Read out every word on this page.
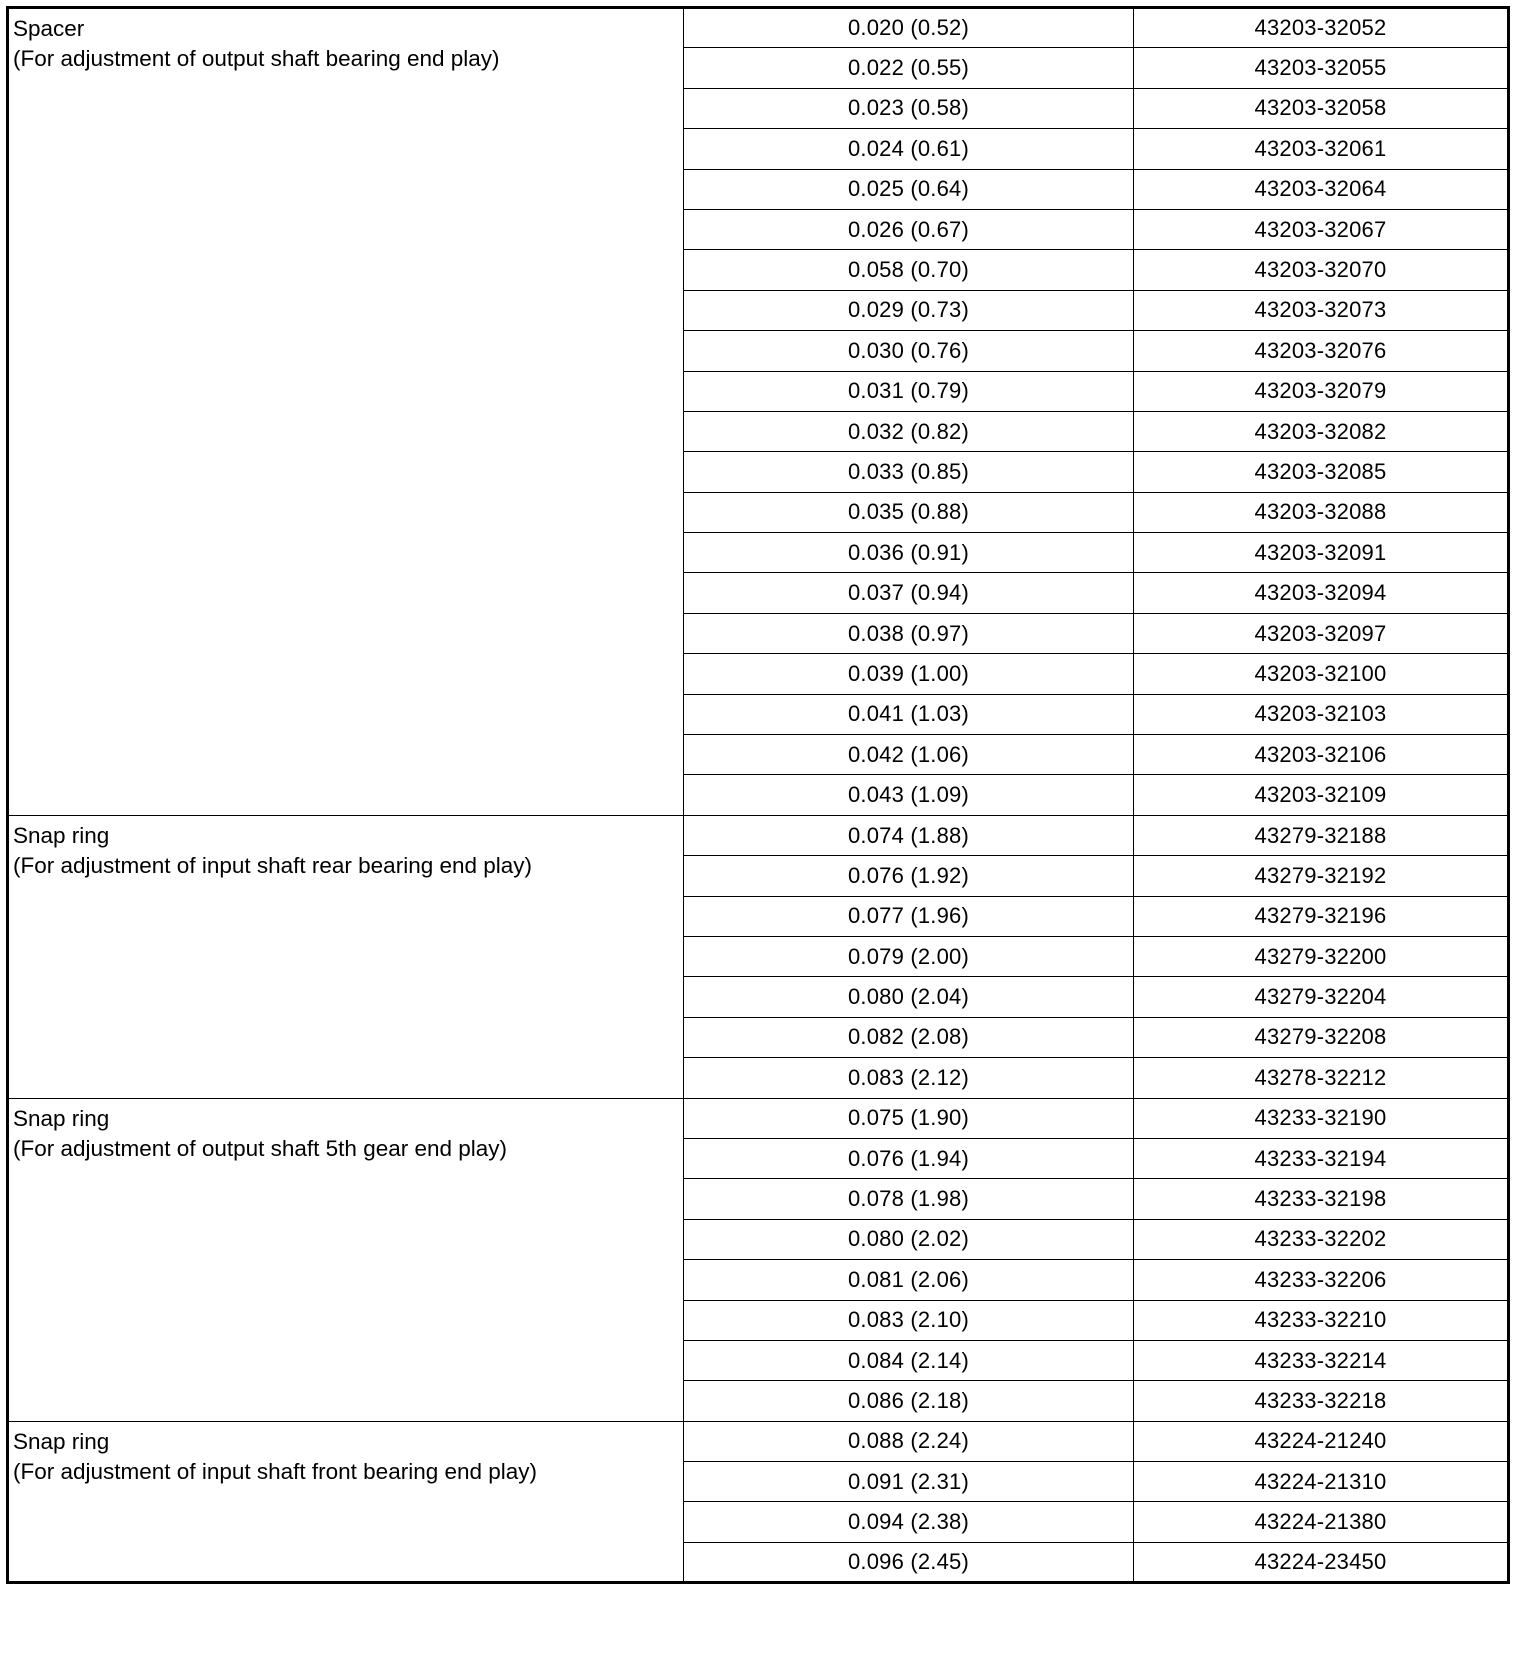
Spacer
(For adjustment of output shaft bearing end play)	0.020 (0.52)	43203-32052
	0.022 (0.55)	43203-32055
	0.023 (0.58)	43203-32058
	0.024 (0.61)	43203-32061
	0.025 (0.64)	43203-32064
	0.026 (0.67)	43203-32067
	0.058 (0.70)	43203-32070
	0.029 (0.73)	43203-32073
	0.030 (0.76)	43203-32076
	0.031 (0.79)	43203-32079
	0.032 (0.82)	43203-32082
	0.033 (0.85)	43203-32085
	0.035 (0.88)	43203-32088
	0.036 (0.91)	43203-32091
	0.037 (0.94)	43203-32094
	0.038 (0.97)	43203-32097
	0.039 (1.00)	43203-32100
	0.041 (1.03)	43203-32103
	0.042 (1.06)	43203-32106
	0.043 (1.09)	43203-32109

Snap ring
(For adjustment of input shaft rear bearing end play)	0.074 (1.88)	43279-32188
	0.076 (1.92)	43279-32192
	0.077 (1.96)	43279-32196
	0.079 (2.00)	43279-32200
	0.080 (2.04)	43279-32204
	0.082 (2.08)	43279-32208
	0.083 (2.12)	43278-32212

Snap ring
(For adjustment of output shaft 5th gear end play)	0.075 (1.90)	43233-32190
	0.076 (1.94)	43233-32194
	0.078 (1.98)	43233-32198
	0.080 (2.02)	43233-32202
	0.081 (2.06)	43233-32206
	0.083 (2.10)	43233-32210
	0.084 (2.14)	43233-32214
	0.086 (2.18)	43233-32218

Snap ring
(For adjustment of input shaft front bearing end play)	0.088 (2.24)	43224-21240
	0.091 (2.31)	43224-21310
	0.094 (2.38)	43224-21380
	0.096 (2.45)	43224-23450
